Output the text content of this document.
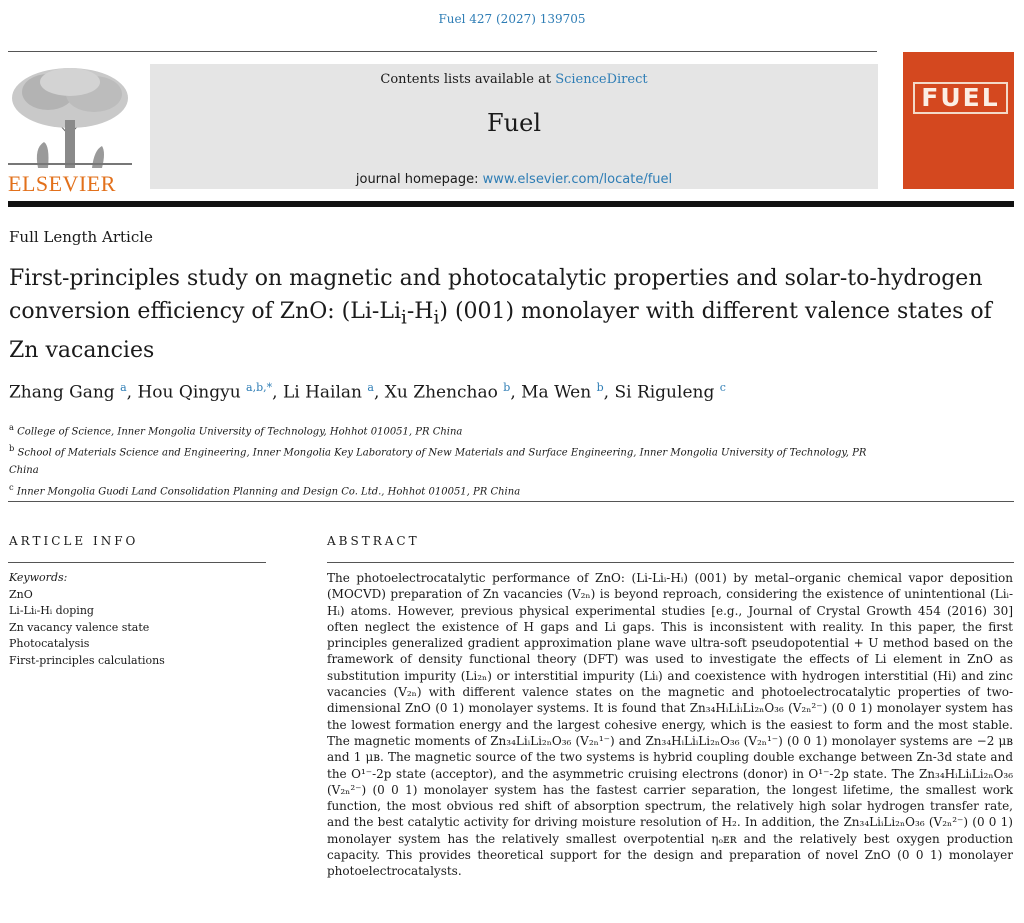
Fuel 427 (2027) 139705
ELSEVIER
Contents lists available at ScienceDirect
Fuel
journal homepage: www.elsevier.com/locate/fuel
FUEL
Full Length Article
First-principles study on magnetic and photocatalytic properties and solar-to-hydrogen conversion efficiency of ZnO: $(Li-Li_i-H_i)$ (001) monolayer with different valence states of Zn vacancies
Zhang Gang $^a$, Hou Qingyu $^{a,b,*}$, Li Hailan $^a$, Xu Zhenchao $^b$, Ma Wen $^b$, Si Riguleng $^c$
$^a$ College of Science, Inner Mongolia University of Technology, Hohhot 010051, PR China
$^b$ School of Materials Science and Engineering, Inner Mongolia Key Laboratory of New Materials and Surface Engineering, Inner Mongolia University of Technology, PR China
$^c$ Inner Mongolia Guodi Land Consolidation Planning and Design Co. Ltd., Hohhot 010051, PR China
ARTICLE INFO	ABSTRACT
Keywords:
ZnO
Li-Liᵢ-Hᵢ doping
Zn vacancy valence state
Photocatalysis
First-principles calculations

The photoelectrocatalytic performance of ZnO: (Li-Liᵢ-Hᵢ) (001) by metal–organic chemical vapor deposition (MOCVD) preparation of Zn vacancies (V₂ₙ) is beyond reproach, considering the existence of unintentional (Liᵢ-Hᵢ) atoms. However, previous physical experimental studies [e.g., Journal of Crystal Growth 454 (2016) 30] often neglect the existence of H gaps and Li gaps. This is inconsistent with reality. In this paper, the first principles generalized gradient approximation plane wave ultra-soft pseudopotential + U method based on the framework of density functional theory (DFT) was used to investigate the effects of Li element in ZnO as substitution impurity (Li₂ₙ) or interstitial impurity (Liᵢ) and coexistence with hydrogen interstitial (Hi) and zinc vacancies (V₂ₙ) with different valence states on the magnetic and photoelectrocatalytic properties of two-dimensional ZnO (0 1) monolayer systems. It is found that Zn₃₄HᵢLiᵢLi₂ₙO₃₆ (V₂ₙ²⁻) (0 0 1) monolayer system has the lowest formation energy and the largest cohesive energy, which is the easiest to form and the most stable. The magnetic moments of Zn₃₄LiᵢLi₂ₙO₃₆ (V₂ₙ¹⁻) and Zn₃₄HᵢLiᵢLi₂ₙO₃₆ (V₂ₙ¹⁻) (0 0 1) monolayer systems are −2 μʙ and 1 μʙ. The magnetic source of the two systems is hybrid coupling double exchange between Zn-3d state and the O¹⁻-2p state (acceptor), and the asymmetric cruising electrons (donor) in O¹⁻-2p state. The Zn₃₄HᵢLiᵢLi₂ₙO₃₆ (V₂ₙ²⁻) (0 0 1) monolayer system has the fastest carrier separation, the longest lifetime, the smallest work function, the most obvious red shift of absorption spectrum, the relatively high solar hydrogen transfer rate, and the best catalytic activity for driving moisture resolution of H₂. In addition, the Zn₃₄LiᵢLi₂ₙO₃₆ (V₂ₙ²⁻) (0 0 1) monolayer system has the relatively smallest overpotential ηₒᴇʀ and the relatively best oxygen production capacity. This provides theoretical support for the design and preparation of novel ZnO (0 0 1) monolayer photoelectrocatalysts.
